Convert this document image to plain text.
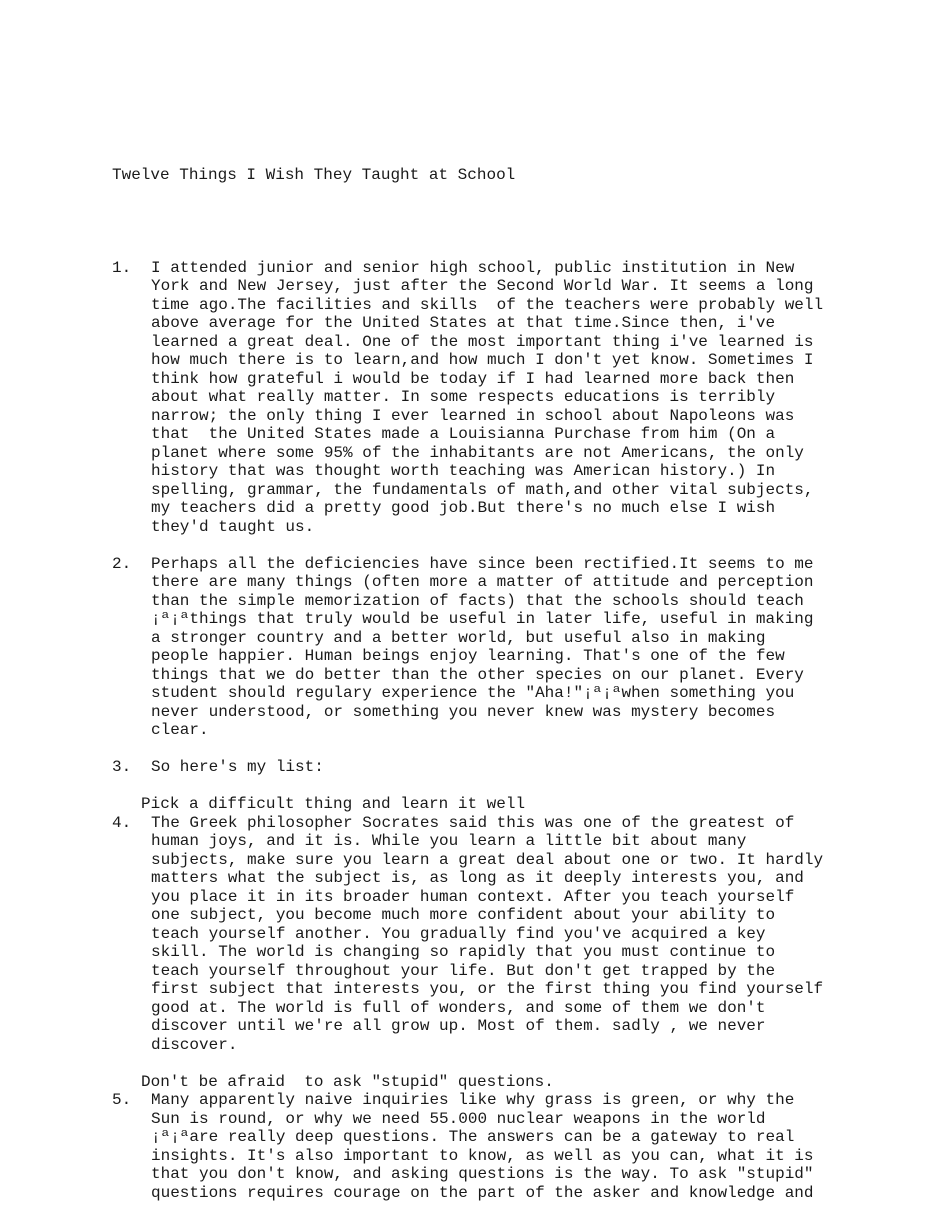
Twelve Things I Wish They Taught at School

1.	I attended junior and senior high school, public institution in New
York and New Jersey, just after the Second World War. It seems a long
time ago.The facilities and skills  of the teachers were probably well
above average for the United States at that time.Since then, i've
learned a great deal. One of the most important thing i've learned is
how much there is to learn,and how much I don't yet know. Sometimes I
think how grateful i would be today if I had learned more back then
about what really matter. In some respects educations is terribly
narrow; the only thing I ever learned in school about Napoleons was
that  the United States made a Louisianna Purchase from him (On a
planet where some 95% of the inhabitants are not Americans, the only
history that was thought worth teaching was American history.) In
spelling, grammar, the fundamentals of math,and other vital subjects,
my teachers did a pretty good job.But there's no much else I wish
they'd taught us.
2.	Perhaps all the deficiencies have since been rectified.It seems to me
there are many things (often more a matter of attitude and perception
than the simple memorization of facts) that the schools should teach
¡ª¡ªthings that truly would be useful in later life, useful in making
a stronger country and a better world, but useful also in making
people happier. Human beings enjoy learning. That's one of the few
things that we do better than the other species on our planet. Every
student should regulary experience the "Aha!"¡ª¡ªwhen something you
never understood, or something you never knew was mystery becomes
clear.
3.	So here's my list:
Pick a difficult thing and learn it well
4.	The Greek philosopher Socrates said this was one of the greatest of
human joys, and it is. While you learn a little bit about many
subjects, make sure you learn a great deal about one or two. It hardly
matters what the subject is, as long as it deeply interests you, and
you place it in its broader human context. After you teach yourself
one subject, you become much more confident about your ability to
teach yourself another. You gradually find you've acquired a key
skill. The world is changing so rapidly that you must continue to
teach yourself throughout your life. But don't get trapped by the
first subject that interests you, or the first thing you find yourself
good at. The world is full of wonders, and some of them we don't
discover until we're all grow up. Most of them. sadly , we never
discover.
Don't be afraid  to ask "stupid" questions.
5.	Many apparently naive inquiries like why grass is green, or why the
Sun is round, or why we need 55.000 nuclear weapons in the world
¡ª¡ªare really deep questions. The answers can be a gateway to real
insights. It's also important to know, as well as you can, what it is
that you don't know, and asking questions is the way. To ask "stupid"
questions requires courage on the part of the asker and knowledge and
